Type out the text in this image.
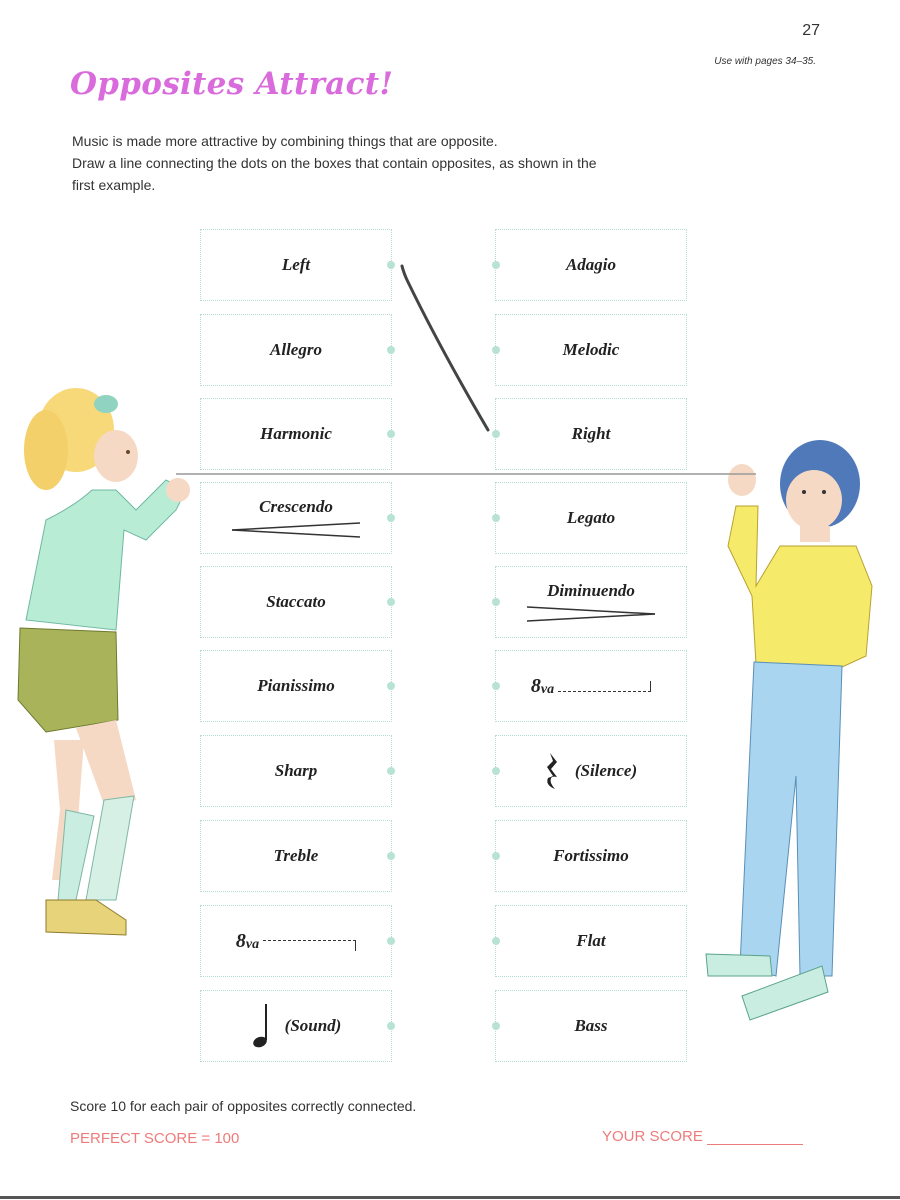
27
Use with pages 34–35.
Opposites Attract!
Music is made more attractive by combining things that are opposite.
Draw a line connecting the dots on the boxes that contain opposites, as shown in the
first example.
Left
Allegro
Harmonic
Crescendo
Staccato
Pianissimo
Sharp
Treble
8 va
(Sound)
Adagio
Melodic
Right
Legato
Diminuendo
8 va
(Silence)
Fortissimo
Flat
Bass
Score 10 for each pair of opposites correctly connected.
PERFECT SCORE = 100	YOUR SCORE
